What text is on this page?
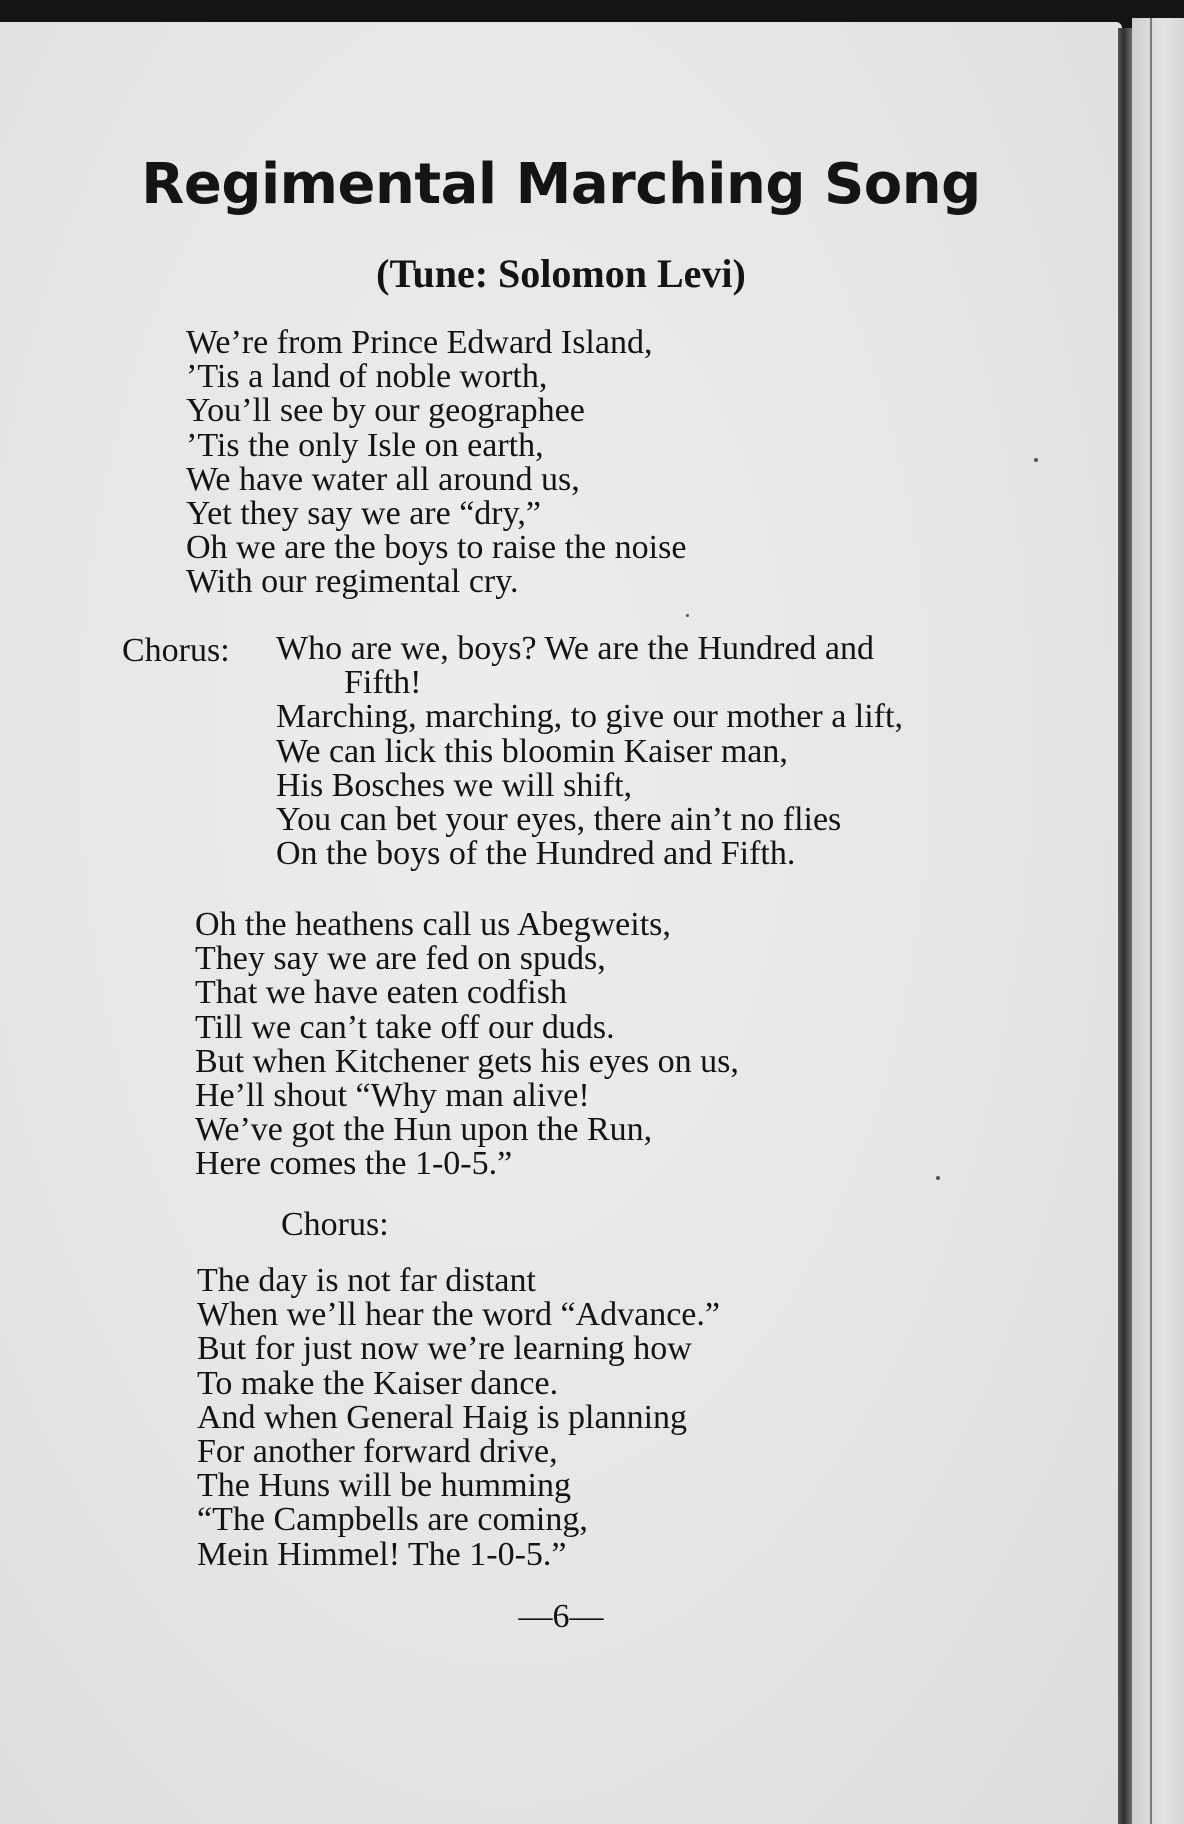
Regimental Marching Song
(Tune: Solomon Levi)
We’re from Prince Edward Island,
’Tis a land of noble worth,
You’ll see by our geographee
’Tis the only Isle on earth,
We have water all around us,
Yet they say we are “dry,”
Oh we are the boys to raise the noise
With our regimental cry.
Chorus: Who are we, boys? We are the Hundred and
Fifth!
Marching, marching, to give our mother a lift,
We can lick this bloomin Kaiser man,
His Bosches we will shift,
You can bet your eyes, there ain’t no flies
On the boys of the Hundred and Fifth.
Oh the heathens call us Abegweits,
They say we are fed on spuds,
That we have eaten codfish
Till we can’t take off our duds.
But when Kitchener gets his eyes on us,
He’ll shout “Why man alive!
We’ve got the Hun upon the Run,
Here comes the 1-0-5.”
Chorus:
The day is not far distant
When we’ll hear the word “Advance.”
But for just now we’re learning how
To make the Kaiser dance.
And when General Haig is planning
For another forward drive,
The Huns will be humming
“The Campbells are coming,
Mein Himmel! The 1-0-5.”
—6—
